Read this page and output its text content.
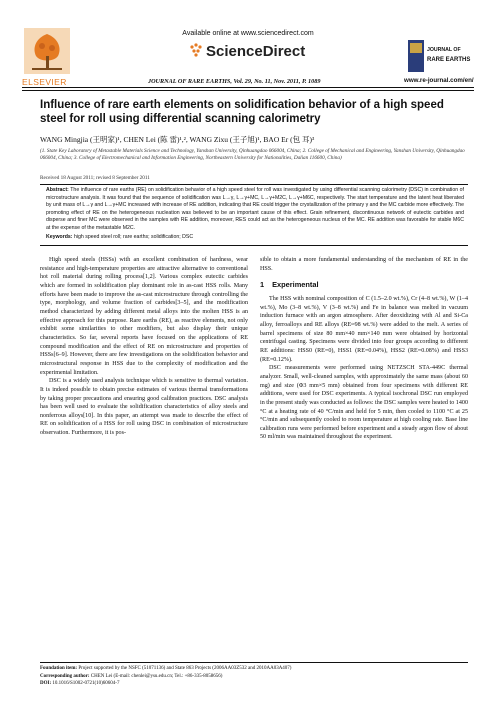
ELSEVIER
Available online at www.sciencedirect.com
ScienceDirect	JOURNAL OF
RARE EARTHS
JOURNAL OF RARE EARTHS, Vol. 29, No. 11, Nov. 2011, P. 1089	www.re-journal.com/en/
Influence of rare earth elements on solidification behavior of a high speed steel for roll using differential scanning calorimetry
WANG Mingjia (王明家)¹, CHEN Lei (陈 雷)¹,², WANG Zixu (王子旭)¹, BAO Er (包 耳)³
(1. State Key Laboratory of Metastable Materials Science and Technology, Yanshan University, Qinhuangdao 066004, China; 2. College of Mechanical and Engineering, Yanshan University, Qinhuangdao 066004, China; 3. College of Electromechanical and Information Engineering, Northeastern University for Nationalities, Dalian 116600, China)
Received 18 August 2011; revised 8 September 2011
Abstract: The influence of rare earths (RE) on solidification behavior of a high speed steel for roll was investigated by using differential scanning calorimetry (DSC) in combination of microstructure analysis. It was found that the sequence of solidification was L→γ, L→γ+MC, L→γ+M2C, L→γ+M6C, respectively. The start temperature and the latent heat liberated by unit mass of L→γ and L→γ+MC increased with increase of RE addition, indicating that RE could trigger the crystallization of the primary γ and the MC carbide more effectively. The promoting effect of RE on the heterogeneous nucleation was believed to be an important cause of this effect. Grain refinement, discontinuous network of eutectic carbides and disperse and finer MC were observed in the samples with RE addition, moreover, RES could act as the heterogeneous nucleus of the MC. RE addition was favorable for stable M6C at the expense of the metastable M2C.
Keywords: high speed steel roll; rare earths; solidification; DSC

High speed steels (HSSs) with an excellent combination of hardness, wear resistance and high-temperature properties are attractive alternative to conventional hot roll material during rolling process[1,2]. Various complex eutectic carbides which are formed in solidification play dominant role in as-cast HSS rolls. Many efforts have been made to improve the as-cast microstructure through controlling the type, morphology, and volume fraction of carbides[3–5], and the modification method characterized by adding different metal alloys into the molten HSS is an effective approach for this purpose. Rare earths (RE), as reactive elements, not only exhibit some similarities to other modifiers, but also display their unique characteristics. So far, several reports have focused on the applications of RE compound modification and the effect of RE on microstructure and properties of HSSs[6–9]. However, there are few investigations on the solidification behavior and microstructural response in HSS due to the complexity of modification and the experimental limitation.

DSC is a widely used analysis technique which is sensitive to thermal variation. It is indeed possible to obtain precise estimates of various thermal transformations by taking proper precautions and ensuring good calibration practices. DSC analysis has been well used to evaluate the solidification characteristics of alloy steels and nonferrous alloys[10]. In this paper, an attempt was made to describe the effect of RE on solidification of a HSS for roll using DSC in combination of microstructure observation. Furthermore, it is pos-

sible to obtain a more fundamental understanding of the mechanism of RE in the HSS.

1 Experimental

The HSS with nominal composition of C (1.5–2.0 wt.%), Cr (4–8 wt.%), W (1–4 wt.%), Mo (3–8 wt.%), V (3–8 wt.%) and Fe in balance was melted in vacuum induction furnace with an argon atmosphere. After deoxidizing with Al and Si-Ca alloy, ferroalloys and RE alloys (RE≈98 wt.%) were added to the melt. A series of barrel specimens of size 80 mm×40 mm×140 mm were obtained by horizontal centrifugal casting. Specimens were divided into four groups according to different RE additions: HSS0 (RE=0), HSS1 (RE=0.04%), HSS2 (RE=0.08%) and HSS3 (RE=0.12%).

DSC measurements were performed using NETZSCH STA-449C thermal analyzer. Small, well-cleaned samples, with approximately the same mass (about 60 mg) and size (Φ3 mm×5 mm) obtained from four specimens with different RE additions, were used for DSC experiments. A typical isochronal DSC run employed in the present study was conducted as follows: the DSC samples were heated to 1400 °C at a heating rate of 40 °C/min and held for 5 min, then cooled to 1100 °C at 25 °C/min and subsequently cooled to room temperature at high cooling rate. Base line calibration runs were performed before experiment and a steady argon flow of about 50 ml/min was maintained throughout the experiment.

Foundation item: Project supported by the NSFC (51071136) and State 863 Projects (2006AA03Z532 and 2010AA03A407)
Corresponding author: CHEN Lei (E-mail: chenlei@ysu.edu.cn; Tel.: +86-335-8058656)
DOI: 10.1016/S1002-0721(10)60604-7
